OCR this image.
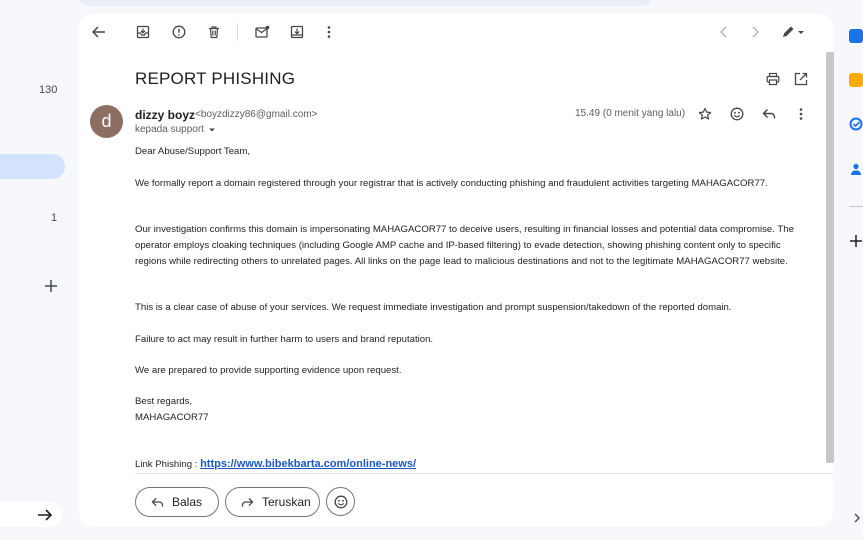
130
1
REPORT PHISHING
d	dizzy boyz <boyzdizzy86@gmail.com>
kepada support
15.49 (0 menit yang lalu)
Dear Abuse/Support Team,
We formally report a domain registered through your registrar that is actively conducting phishing and fraudulent activities targeting MAHAGACOR77.
Our investigation confirms this domain is impersonating MAHAGACOR77 to deceive users, resulting in financial losses and potential data compromise. The operator employs cloaking techniques (including Google AMP cache and IP-based filtering) to evade detection, showing phishing content only to specific regions while redirecting others to unrelated pages. All links on the page lead to malicious destinations and not to the legitimate MAHAGACOR77 website.
This is a clear case of abuse of your services. We request immediate investigation and prompt suspension/takedown of the reported domain.
Failure to act may result in further harm to users and brand reputation.
We are prepared to provide supporting evidence upon request.
Best regards,
MAHAGACOR77
Link Phishing : https://www.bibekbarta.com/online-news/
Balas	Teruskan
